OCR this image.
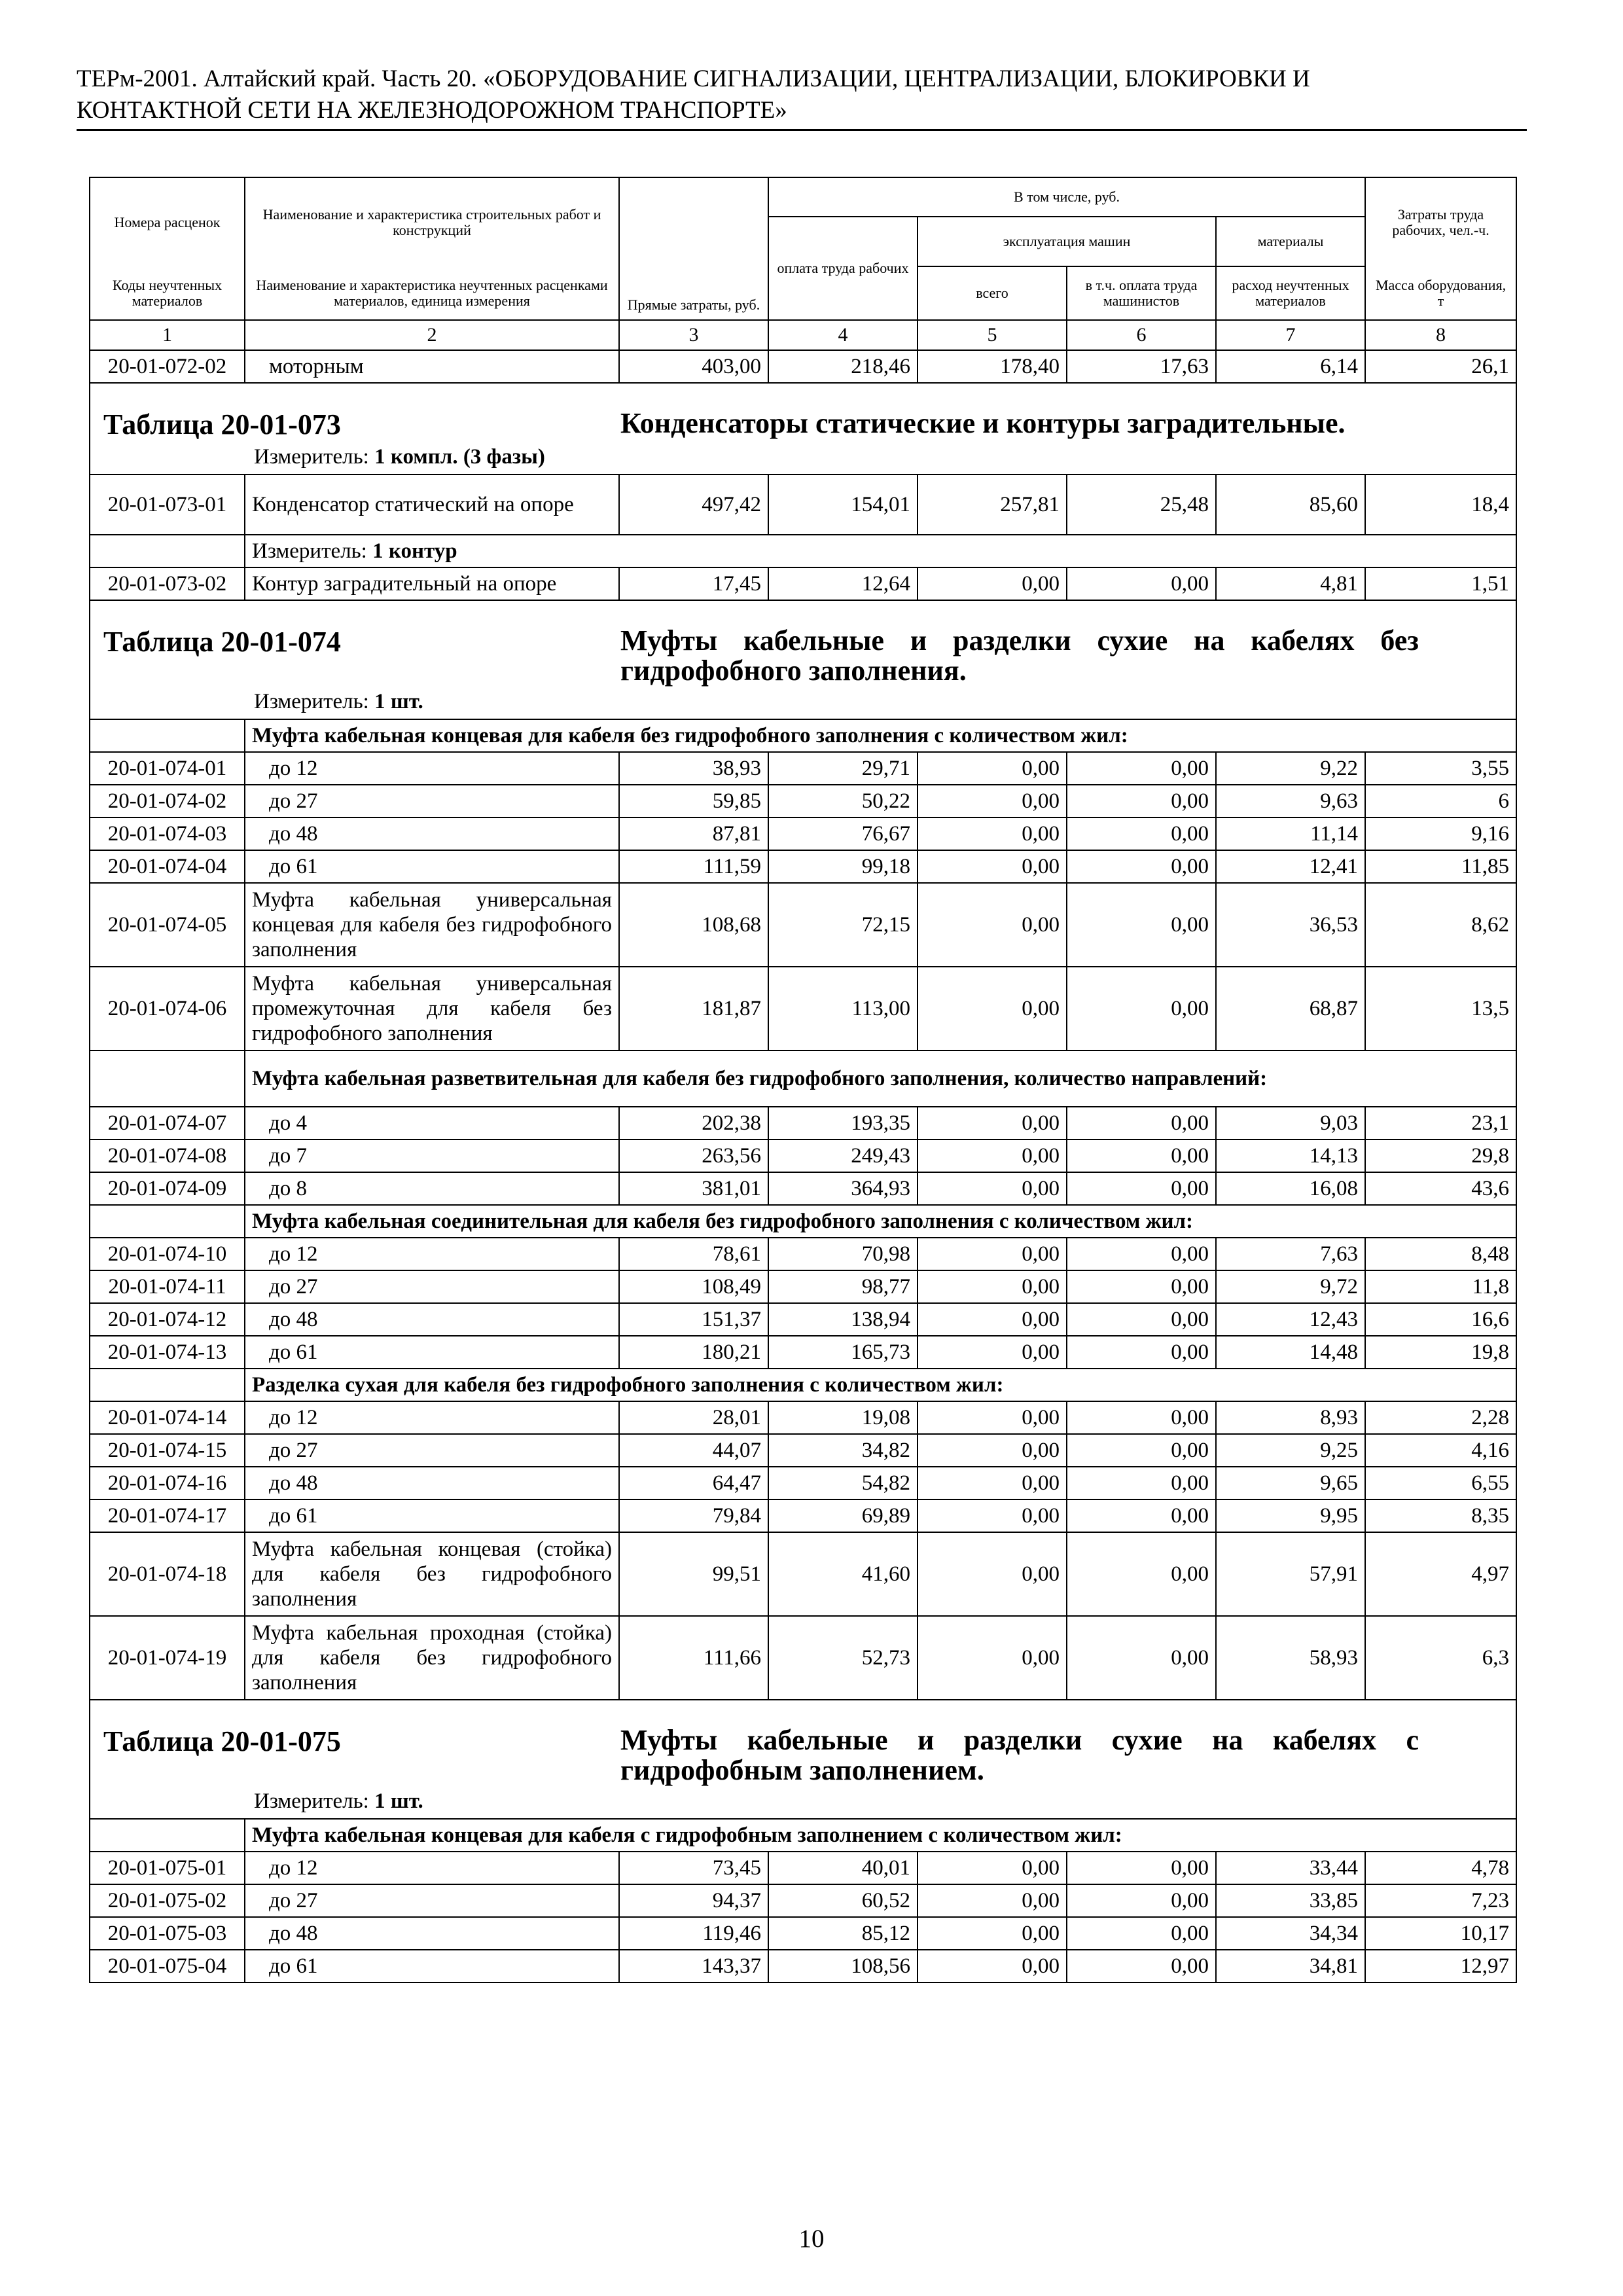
ТЕРм-2001. Алтайский край. Часть 20. «ОБОРУДОВАНИЕ СИГНАЛИЗАЦИИ, ЦЕНТРАЛИЗАЦИИ, БЛОКИРОВКИ И
КОНТАКТНОЙ СЕТИ НА ЖЕЛЕЗНОДОРОЖНОМ ТРАНСПОРТЕ»
Номера расценок	Наименование и характеристика строительных работ и конструкций	Прямые затраты, руб.	В том числе, руб.				Затраты труда рабочих, чел.-ч.
			оплата труда рабочих	эксплуатация машин		материалы	
Коды неучтенных материалов	Наименование и характеристика неучтенных расценками материалов, единица измерения			всего	в т.ч. оплата труда машинистов	расход неучтенных материалов	Масса оборудования, т
1	2	3	4	5	6	7	8
20-01-072-02	моторным	403,00	218,46	178,40	17,63	6,14	26,1

Таблица 20-01-073 Конденсаторы статические и контуры заградительные.
Измеритель: 1 компл. (3 фазы)							

20-01-073-01	Конденсатор статический на опоре	497,42	154,01	257,81	25,48	85,60	18,4
	Измеритель: 1 контур						
20-01-073-02	Контур заградительный на опоре	17,45	12,64	0,00	0,00	4,81	1,51

Таблица 20-01-074 Муфты кабельные и разделки сухие на кабелях без гидрофобного заполнения.
Измеритель: 1 шт.							

	Муфта кабельная концевая для кабеля без гидрофобного заполнения с количеством жил:						
20-01-074-01	до 12	38,93	29,71	0,00	0,00	9,22	3,55
20-01-074-02	до 27	59,85	50,22	0,00	0,00	9,63	6
20-01-074-03	до 48	87,81	76,67	0,00	0,00	11,14	9,16
20-01-074-04	до 61	111,59	99,18	0,00	0,00	12,41	11,85
20-01-074-05	Муфта кабельная универсальная концевая для кабеля без гидрофобного заполнения	108,68	72,15	0,00	0,00	36,53	8,62
20-01-074-06	Муфта кабельная универсальная промежуточная для кабеля без гидрофобного заполнения	181,87	113,00	0,00	0,00	68,87	13,5
	Муфта кабельная разветвительная для кабеля без гидрофобного заполнения, количество направлений:						
20-01-074-07	до 4	202,38	193,35	0,00	0,00	9,03	23,1
20-01-074-08	до 7	263,56	249,43	0,00	0,00	14,13	29,8
20-01-074-09	до 8	381,01	364,93	0,00	0,00	16,08	43,6
	Муфта кабельная соединительная для кабеля без гидрофобного заполнения с количеством жил:						
20-01-074-10	до 12	78,61	70,98	0,00	0,00	7,63	8,48
20-01-074-11	до 27	108,49	98,77	0,00	0,00	9,72	11,8
20-01-074-12	до 48	151,37	138,94	0,00	0,00	12,43	16,6
20-01-074-13	до 61	180,21	165,73	0,00	0,00	14,48	19,8
	Разделка сухая для кабеля без гидрофобного заполнения с количеством жил:						
20-01-074-14	до 12	28,01	19,08	0,00	0,00	8,93	2,28
20-01-074-15	до 27	44,07	34,82	0,00	0,00	9,25	4,16
20-01-074-16	до 48	64,47	54,82	0,00	0,00	9,65	6,55
20-01-074-17	до 61	79,84	69,89	0,00	0,00	9,95	8,35
20-01-074-18	Муфта кабельная концевая (стойка) для кабеля без гидрофобного заполнения	99,51	41,60	0,00	0,00	57,91	4,97
20-01-074-19	Муфта кабельная проходная (стойка) для кабеля без гидрофобного заполнения	111,66	52,73	0,00	0,00	58,93	6,3

Таблица 20-01-075 Муфты кабельные и разделки сухие на кабелях с гидрофобным заполнением.
Измеритель: 1 шт.							

	Муфта кабельная концевая для кабеля с гидрофобным заполнением с количеством жил:						
20-01-075-01	до 12	73,45	40,01	0,00	0,00	33,44	4,78
20-01-075-02	до 27	94,37	60,52	0,00	0,00	33,85	7,23
20-01-075-03	до 48	119,46	85,12	0,00	0,00	34,34	10,17
20-01-075-04	до 61	143,37	108,56	0,00	0,00	34,81	12,97
10
